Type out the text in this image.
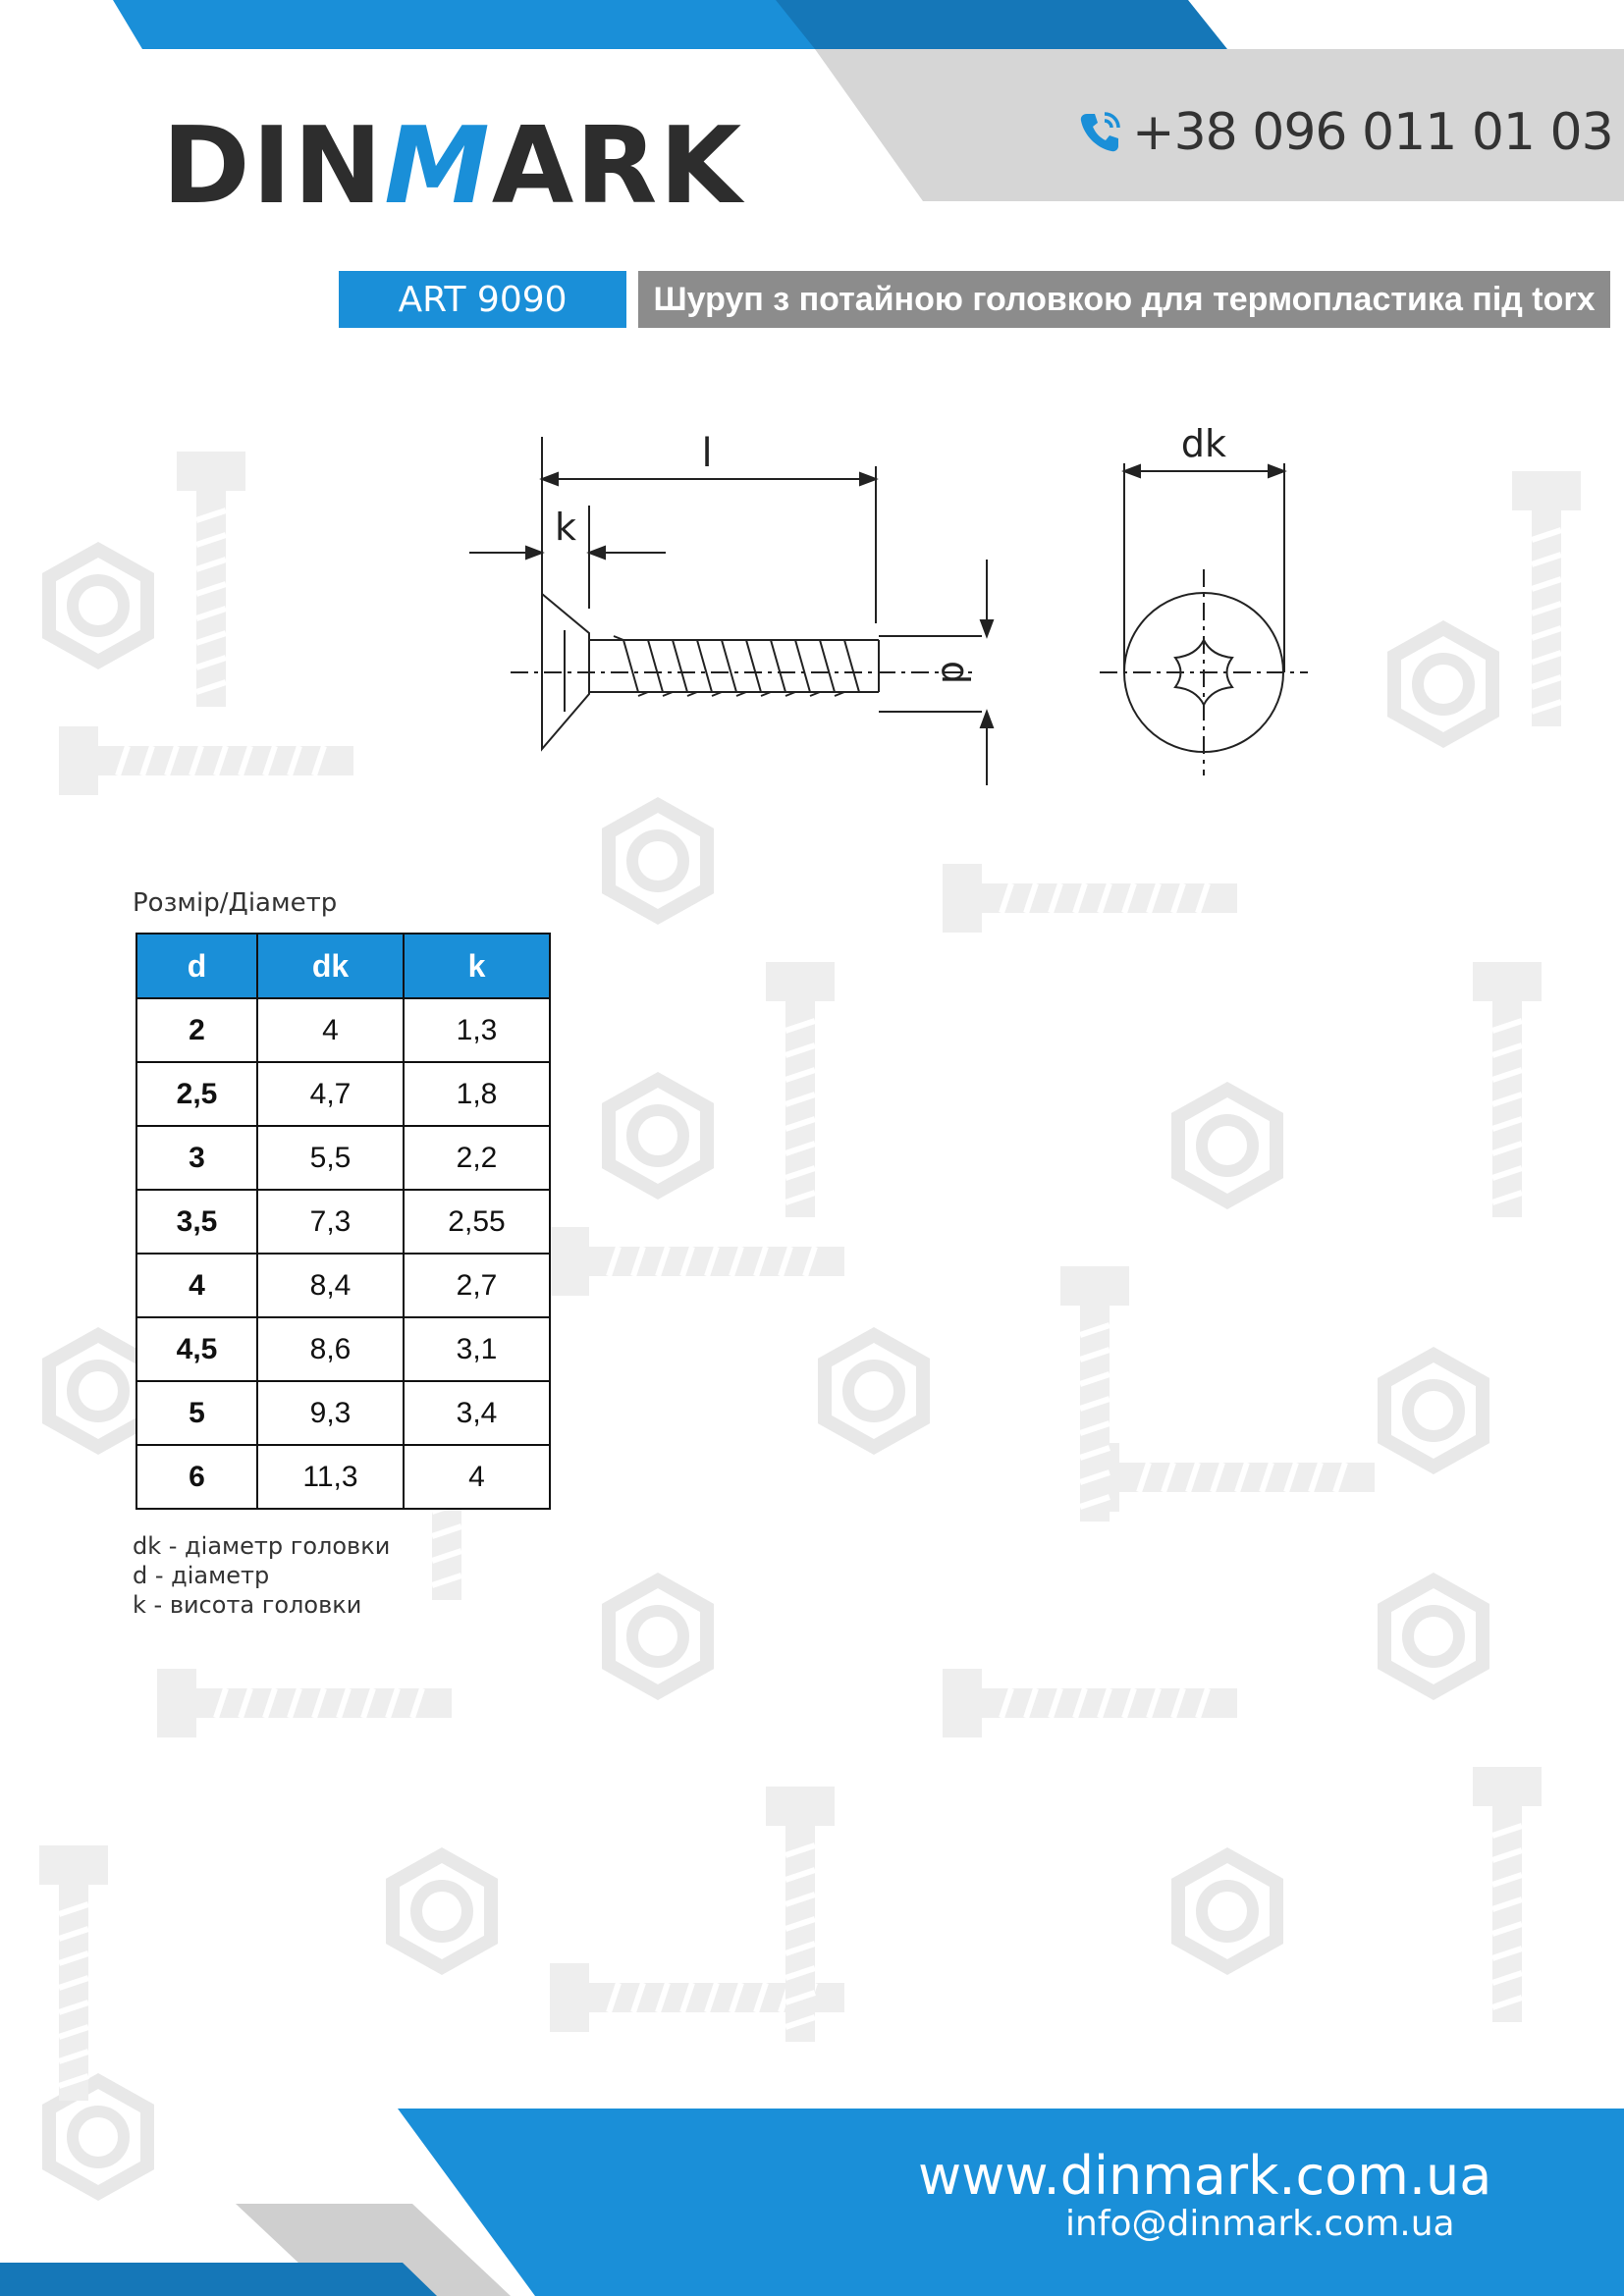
DIN M ARK	+38 096 011 01 03
ART 9090	Шуруп з потайною головкою для термопластика під torx
l
k
d
dk
Розмір/Діаметр
d	dk	k
2	4	1,3
2,5	4,7	1,8
3	5,5	2,2
3,5	7,3	2,55
4	8,4	2,7
4,5	8,6	3,1
5	9,3	3,4
6	11,3	4
dk - діаметр головки
d - діаметр
k - висота головки
www.dinmark.com.ua
info@dinmark.com.ua
